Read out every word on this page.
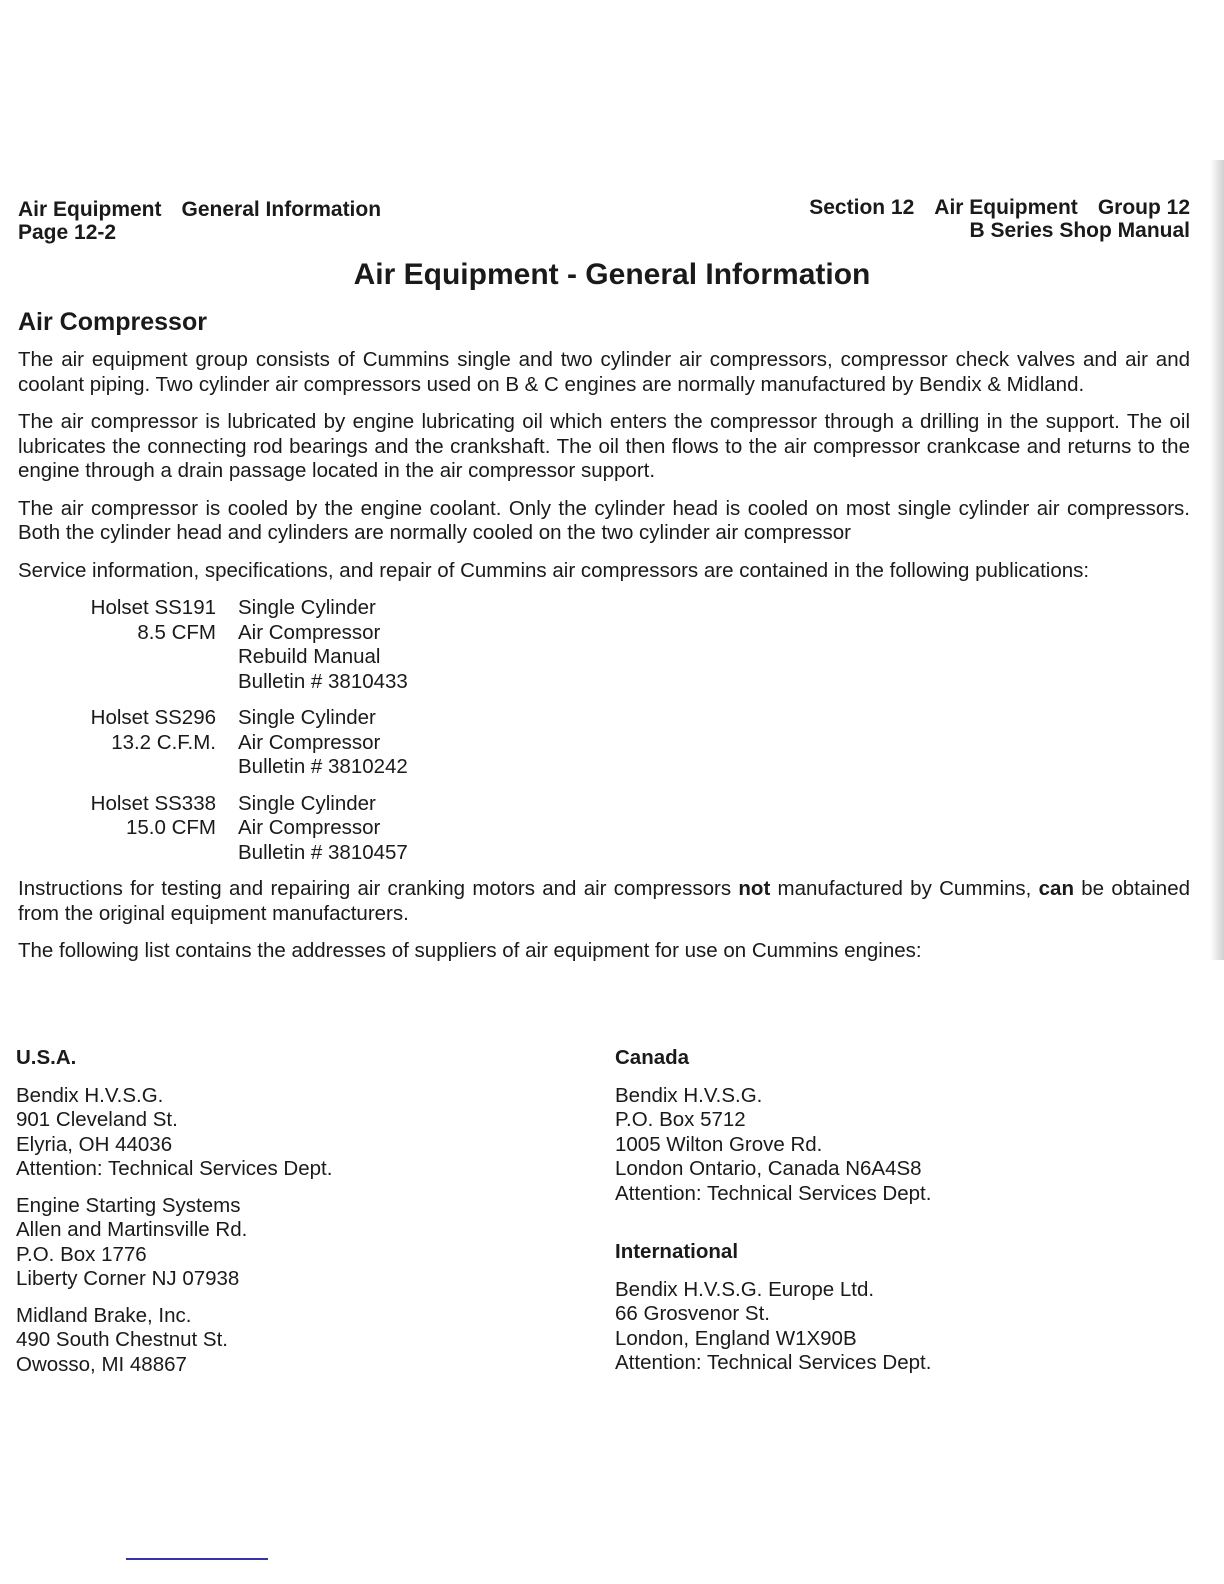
Air Equipment General Information
Page 12-2
Section 12 Air Equipment Group 12
B Series Shop Manual
Air Equipment - General Information
Air Compressor

The air equipment group consists of Cummins single and two cylinder air compressors, compressor check valves and air and coolant piping. Two cylinder air compressors used on B & C engines are normally manufactured by Bendix & Midland.

The air compressor is lubricated by engine lubricating oil which enters the compressor through a drilling in the support. The oil lubricates the connecting rod bearings and the crankshaft. The oil then flows to the air compressor crankcase and returns to the engine through a drain passage located in the air compressor support.

The air compressor is cooled by the engine coolant. Only the cylinder head is cooled on most single cylinder air compressors. Both the cylinder head and cylinders are normally cooled on the two cylinder air compressor

Service information, specifications, and repair of Cummins air compressors are contained in the following publications:

Holset SS191
8.5 CFM
Single Cylinder
Air Compressor
Rebuild Manual
Bulletin # 3810433
Holset SS296
13.2 C.F.M.
Single Cylinder
Air Compressor
Bulletin # 3810242
Holset SS338
15.0 CFM
Single Cylinder
Air Compressor
Bulletin # 3810457

Instructions for testing and repairing air cranking motors and air compressors not manufactured by Cummins, can be obtained from the original equipment manufacturers.

The following list contains the addresses of suppliers of air equipment for use on Cummins engines:

U.S.A.
Bendix H.V.S.G.
901 Cleveland St.
Elyria, OH 44036
Attention: Technical Services Dept.
Engine Starting Systems
Allen and Martinsville Rd.
P.O. Box 1776
Liberty Corner NJ 07938
Midland Brake, Inc.
490 South Chestnut St.
Owosso, MI 48867
Canada
Bendix H.V.S.G.
P.O. Box 5712
1005 Wilton Grove Rd.
London Ontario, Canada N6A4S8
Attention: Technical Services Dept.
International
Bendix H.V.S.G. Europe Ltd.
66 Grosvenor St.
London, England W1X90B
Attention: Technical Services Dept.
